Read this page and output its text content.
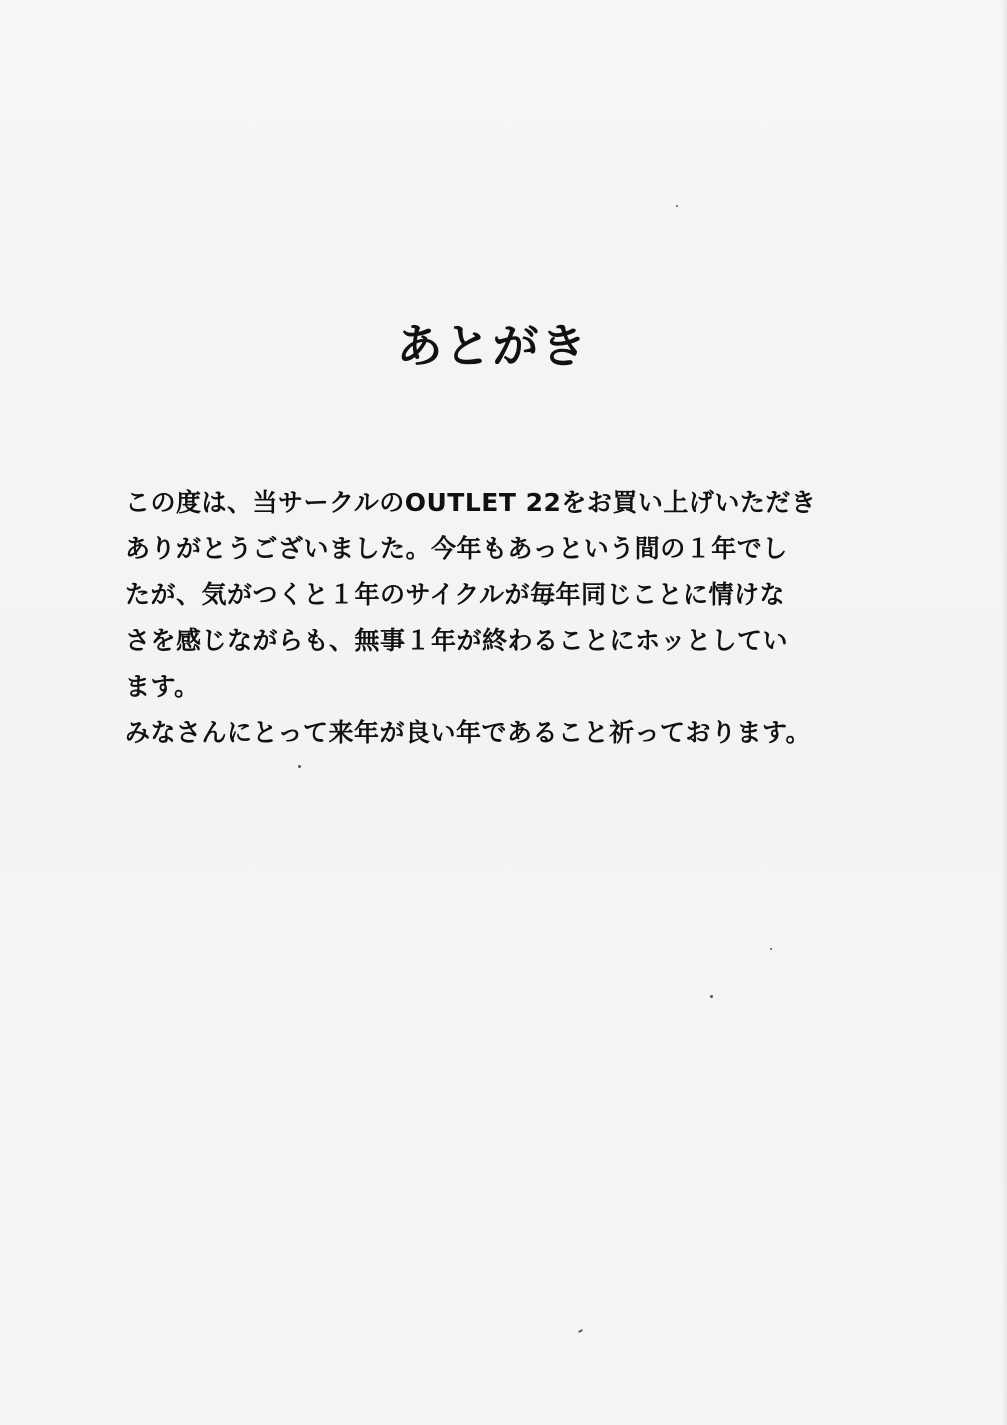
あとがき

この度は、当サークルのOUTLET 22をお買い上げいただき

ありがとうございました。今年もあっという間の１年でし

たが、気がつくと１年のサイクルが毎年同じことに情けな

さを感じながらも、無事１年が終わることにホッとしてい

ます。

みなさんにとって来年が良い年であること祈っております。
